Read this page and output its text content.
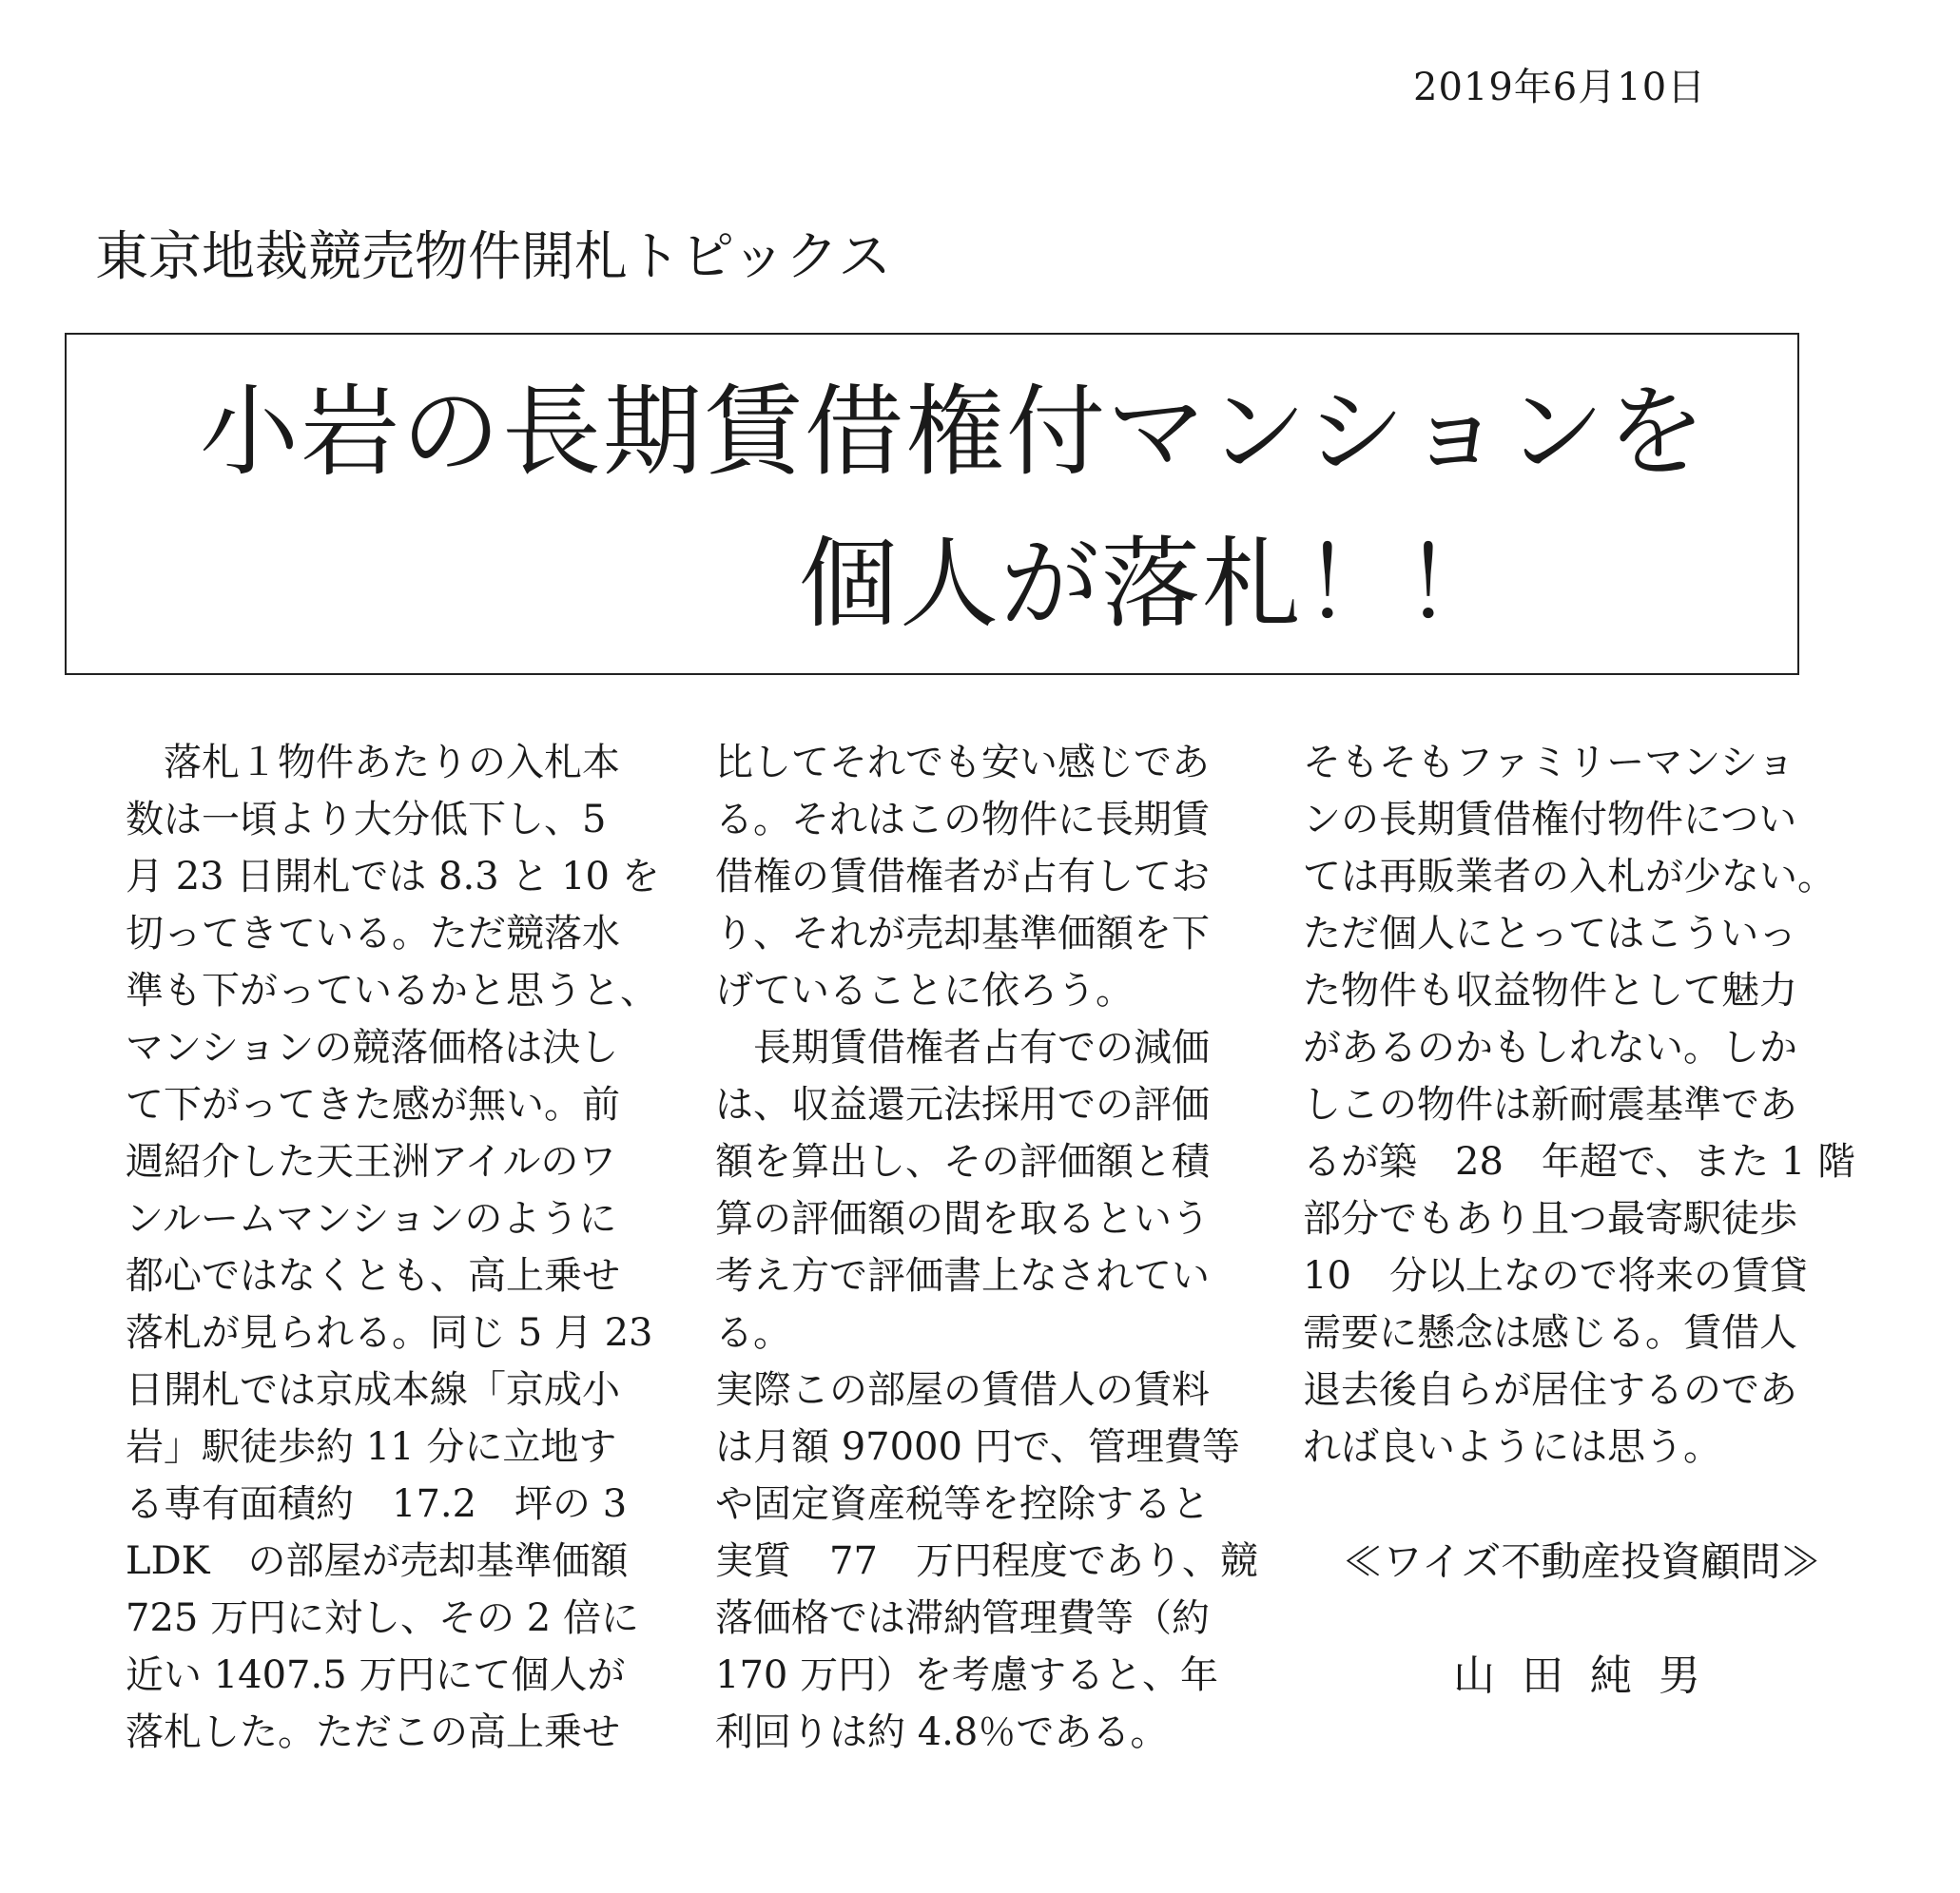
2019年6月10日
東京地裁競売物件開札トピックス
小岩の長期賃借権付マンションを
個人が落札！！
　落札１物件あたりの入札本
数は一頃より大分低下し、5
月 23 日開札では 8.3 と 10 を
切ってきている。ただ競落水
準も下がっているかと思うと、
マンションの競落価格は決し
て下がってきた感が無い。前
週紹介した天王洲アイルのワ
ンルームマンションのように
都心ではなくとも、高上乗せ
落札が見られる。同じ 5 月 23
日開札では京成本線「京成小
岩」駅徒歩約 11 分に立地す
る専有面積約　17.2　坪の 3
LDK　の部屋が売却基準価額
725 万円に対し、その 2 倍に
近い 1407.5 万円にて個人が
落札した。ただこの高上乗せ
比してそれでも安い感じであ
る。それはこの物件に長期賃
借権の賃借権者が占有してお
り、それが売却基準価額を下
げていることに依ろう。
　長期賃借権者占有での減価
は、収益還元法採用での評価
額を算出し、その評価額と積
算の評価額の間を取るという
考え方で評価書上なされてい
る。
実際この部屋の賃借人の賃料
は月額 97000 円で、管理費等
や固定資産税等を控除すると
実質　77　万円程度であり、競
落価格では滞納管理費等（約
170 万円）を考慮すると、年
利回りは約 4.8％である。
そもそもファミリーマンショ
ンの長期賃借権付物件につい
ては再販業者の入札が少ない。
ただ個人にとってはこういっ
た物件も収益物件として魅力
があるのかもしれない。しか
しこの物件は新耐震基準であ
るが築　28　年超で、また 1 階
部分でもあり且つ最寄駅徒歩
10　分以上なので将来の賃貸
需要に懸念は感じる。賃借人
退去後自らが居住するのであ
れば良いようには思う。
≪ワイズ不動産投資顧問≫
山田純男
